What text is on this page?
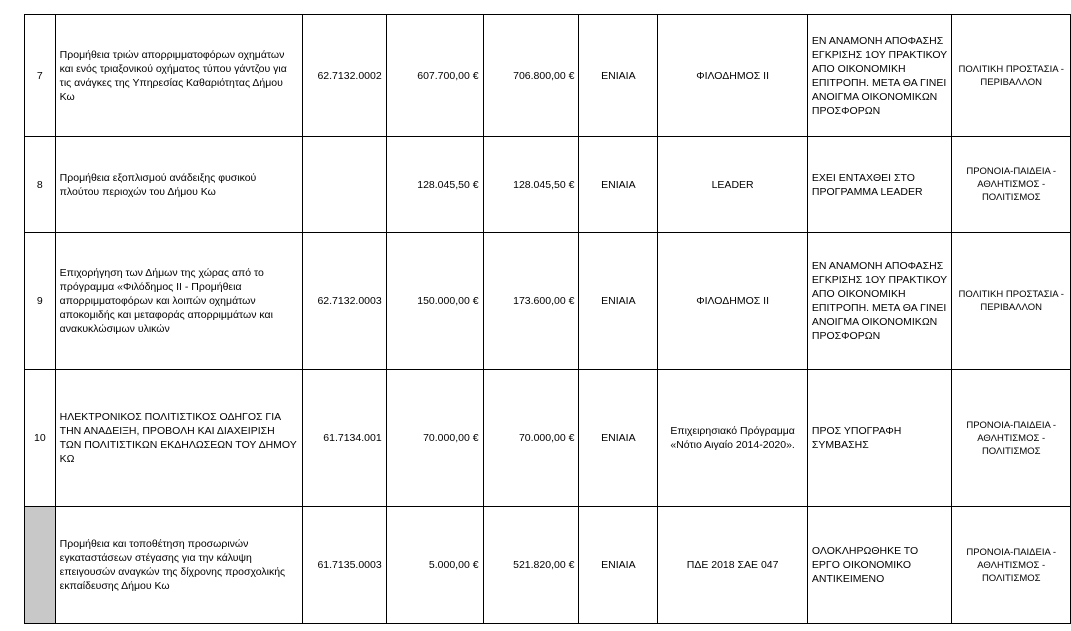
7	Προμήθεια τριών απορριμματοφόρων οχημάτων και ενός τριαξονικού οχήματος τύπου γάντζου για τις ανάγκες της Υπηρεσίας Καθαριότητας Δήμου Κω	62.7132.0002	607.700,00 €	706.800,00 €	ΕΝΙΑΙΑ	ΦΙΛΟΔΗΜΟΣ ΙΙ	ΕΝ ΑΝΑΜΟΝΗ ΑΠΟΦΑΣΗΣ ΕΓΚΡΙΣΗΣ 1ΟΥ ΠΡΑΚΤΙΚΟΥ ΑΠΟ ΟΙΚΟΝΟΜΙΚΗ ΕΠΙΤΡΟΠΗ. ΜΕΤΑ ΘΑ ΓΙΝΕΙ ΑΝΟΙΓΜΑ ΟΙΚΟΝΟΜΙΚΩΝ ΠΡΟΣΦΟΡΩΝ	ΠΟΛΙΤΙΚΗ ΠΡΟΣΤΑΣΙΑ - ΠΕΡΙΒΑΛΛΟΝ
8	Προμήθεια εξοπλισμού ανάδειξης φυσικού πλούτου περιοχών του Δήμου Κω		128.045,50 €	128.045,50 €	ΕΝΙΑΙΑ	LEADER	ΕΧΕΙ ΕΝΤΑΧΘΕΙ ΣΤΟ ΠΡΟΓΡΑΜΜΑ LEADER	ΠΡΟΝΟΙΑ-ΠΑΙΔΕΙΑ - ΑΘΛΗΤΙΣΜΟΣ - ΠΟΛΙΤΙΣΜΟΣ
9	Επιχορήγηση των Δήμων της χώρας από το πρόγραμμα «Φιλόδημος ΙΙ - Προμήθεια απορριμματοφόρων και λοιπών οχημάτων αποκομιδής και μεταφοράς απορριμμάτων και ανακυκλώσιμων υλικών	62.7132.0003	150.000,00 €	173.600,00 €	ΕΝΙΑΙΑ	ΦΙΛΟΔΗΜΟΣ ΙΙ	ΕΝ ΑΝΑΜΟΝΗ ΑΠΟΦΑΣΗΣ ΕΓΚΡΙΣΗΣ 1ΟΥ ΠΡΑΚΤΙΚΟΥ ΑΠΟ ΟΙΚΟΝΟΜΙΚΗ ΕΠΙΤΡΟΠΗ. ΜΕΤΑ ΘΑ ΓΙΝΕΙ ΑΝΟΙΓΜΑ ΟΙΚΟΝΟΜΙΚΩΝ ΠΡΟΣΦΟΡΩΝ	ΠΟΛΙΤΙΚΗ ΠΡΟΣΤΑΣΙΑ - ΠΕΡΙΒΑΛΛΟΝ
10	ΗΛΕΚΤΡΟΝΙΚΟΣ ΠΟΛΙΤΙΣΤΙΚΟΣ ΟΔΗΓΟΣ ΓΙΑ ΤΗΝ ΑΝΑΔΕΙΞΗ, ΠΡΟΒΟΛΗ ΚΑΙ ΔΙΑΧΕΙΡΙΣΗ ΤΩΝ ΠΟΛΙΤΙΣΤΙΚΩΝ ΕΚΔΗΛΩΣΕΩΝ ΤΟΥ ΔΗΜΟΥ ΚΩ	61.7134.001	70.000,00 €	70.000,00 €	ΕΝΙΑΙΑ	Επιχειρησιακό Πρόγραμμα «Νότιο Αιγαίο 2014-2020».	ΠΡΟΣ ΥΠΟΓΡΑΦΗ ΣΥΜΒΑΣΗΣ	ΠΡΟΝΟΙΑ-ΠΑΙΔΕΙΑ - ΑΘΛΗΤΙΣΜΟΣ - ΠΟΛΙΤΙΣΜΟΣ
	Προμήθεια και τοποθέτηση προσωρινών εγκαταστάσεων στέγασης για την κάλυψη επειγουσών αναγκών της δίχρονης προσχολικής εκπαίδευσης Δήμου Κω	61.7135.0003	5.000,00 €	521.820,00 €	ΕΝΙΑΙΑ	ΠΔΕ 2018 ΣΑΕ 047	ΟΛΟΚΛΗΡΩΘΗΚΕ ΤΟ ΕΡΓΟ ΟΙΚΟΝΟΜΙΚΟ ΑΝΤΙΚΕΙΜΕΝΟ	ΠΡΟΝΟΙΑ-ΠΑΙΔΕΙΑ - ΑΘΛΗΤΙΣΜΟΣ - ΠΟΛΙΤΙΣΜΟΣ
